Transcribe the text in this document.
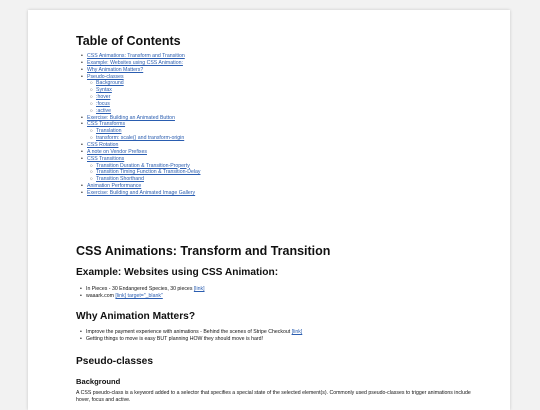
Table of Contents
• CSS Animations: Transform and Transition
• Example: Websites using CSS Animation:
• Why Animation Matters?
• Pseudo-classes
○ Background
○ Syntax
○ :hover
○ :focus
○ :active
• Exercise: Building an Animated Button
• CSS Transforms
○ Translation
○ transform: scale() and transform-origin
• CSS Rotation
• A note on Vendor Prefixes
• CSS Transitions
○ Transition Duration & Transition-Property
○ Transition Timing Function & Transition-Delay
○ Transition Shorthand
• Animation Performance
• Exercise: Building and Animated Image Gallery
CSS Animations: Transform and Transition
Example: Websites using CSS Animation:
• In Pieces - 30 Endangered Species, 30 pieces [link]
• waaark.com [link] target="_blank"
Why Animation Matters?
• Improve the payment experience with animations - Behind the scenes of Stripe Checkout [link]
• Getting things to move is easy BUT planning HOW they should move is hard!
Pseudo-classes
Background

A CSS pseudo-class is a keyword added to a selector that specifies a special state of the selected element(s). Commonly used pseudo-classes to trigger animations include hover, focus and active.
